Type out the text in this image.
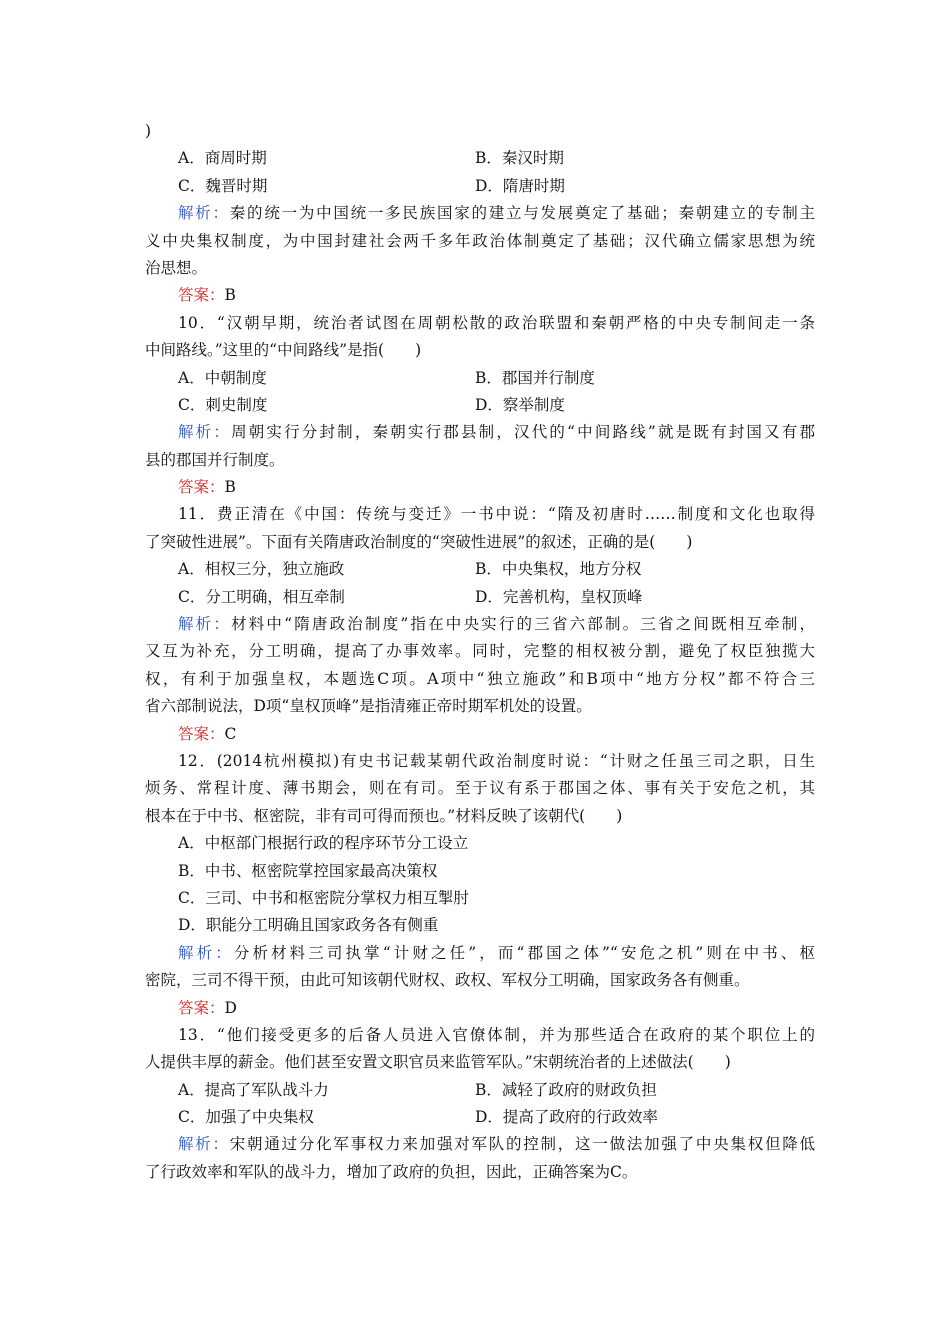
)
A．商周时期	B．秦汉时期
C．魏晋时期	D．隋唐时期
解析：秦的统一为中国统一多民族国家的建立与发展奠定了基础；秦朝建立的专制主
义中央集权制度，为中国封建社会两千多年政治体制奠定了基础；汉代确立儒家思想为统
治思想。
答案：B
10．“汉朝早期，统治者试图在周朝松散的政治联盟和秦朝严格的中央专制间走一条
中间路线。”这里的“中间路线”是指(　　)
A．中朝制度	B．郡国并行制度
C．刺史制度	D．察举制度
解析：周朝实行分封制，秦朝实行郡县制，汉代的“中间路线”就是既有封国又有郡
县的郡国并行制度。
答案：B
11．费正清在《中国：传统与变迁》一书中说：“隋及初唐时……制度和文化也取得
了突破性进展”。下面有关隋唐政治制度的“突破性进展”的叙述，正确的是(　　)
A．相权三分，独立施政	B．中央集权，地方分权
C．分工明确，相互牵制	D．完善机构，皇权顶峰
解析：材料中“隋唐政治制度”指在中央实行的三省六部制。三省之间既相互牵制，
又互为补充，分工明确，提高了办事效率。同时，完整的相权被分割，避免了权臣独揽大
权，有利于加强皇权，本题选C项。A项中“独立施政”和B项中“地方分权”都不符合三
省六部制说法，D项“皇权顶峰”是指清雍正帝时期军机处的设置。
答案：C
12．(2014杭州模拟)有史书记载某朝代政治制度时说：“计财之任虽三司之职，日生
烦务、常程计度、薄书期会，则在有司。至于议有系于郡国之体、事有关于安危之机，其
根本在于中书、枢密院，非有司可得而预也。”材料反映了该朝代(　　)
A．中枢部门根据行政的程序环节分工设立
B．中书、枢密院掌控国家最高决策权
C．三司、中书和枢密院分掌权力相互掣肘
D．职能分工明确且国家政务各有侧重
解析：分析材料三司执掌“计财之任”，而“郡国之体”“安危之机”则在中书、枢
密院，三司不得干预，由此可知该朝代财权、政权、军权分工明确，国家政务各有侧重。
答案：D
13．“他们接受更多的后备人员进入官僚体制，并为那些适合在政府的某个职位上的
人提供丰厚的薪金。他们甚至安置文职官员来监管军队。”宋朝统治者的上述做法(　　)
A．提高了军队战斗力	B．减轻了政府的财政负担
C．加强了中央集权	D．提高了政府的行政效率
解析：宋朝通过分化军事权力来加强对军队的控制，这一做法加强了中央集权但降低
了行政效率和军队的战斗力，增加了政府的负担，因此，正确答案为C。
